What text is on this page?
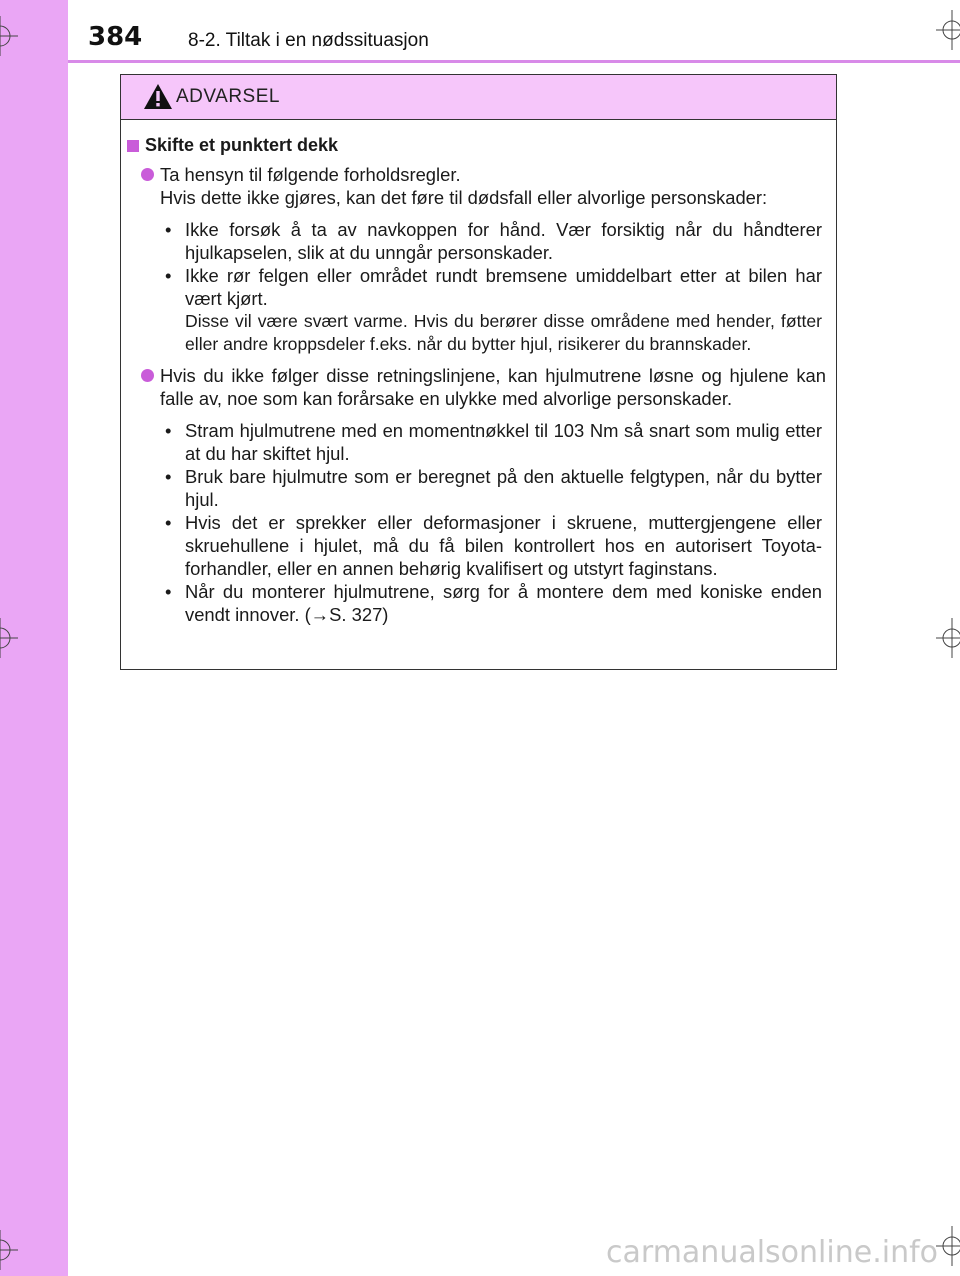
384 8-2. Tiltak i en nødssituasjon
ADVARSEL
Skifte et punktert dekk
Ta hensyn til følgende forholdsregler.
Hvis dette ikke gjøres, kan det føre til dødsfall eller alvorlige personskader:
• Ikke forsøk å ta av navkoppen for hånd. Vær forsiktig når du håndterer hjulkapselen, slik at du unngår personskader.
• Ikke rør felgen eller området rundt bremsene umiddelbart etter at bilen har vært kjørt.
Disse vil være svært varme. Hvis du berører disse områdene med hender, føtter eller andre kroppsdeler f.eks. når du bytter hjul, risikerer du brannskader.
Hvis du ikke følger disse retningslinjene, kan hjulmutrene løsne og hjulene kan falle av, noe som kan forårsake en ulykke med alvorlige personskader.
• Stram hjulmutrene med en momentnøkkel til 103 Nm så snart som mulig etter at du har skiftet hjul.
• Bruk bare hjulmutre som er beregnet på den aktuelle felgtypen, når du bytter hjul.
• Hvis det er sprekker eller deformasjoner i skruene, muttergjengene eller skruehullene i hjulet, må du få bilen kontrollert hos en autorisert Toyota-forhandler, eller en annen behørig kvalifisert og utstyrt faginstans.
• Når du monterer hjulmutrene, sørg for å montere dem med koniske enden vendt innover. (→S. 327)
carmanualsonline.info
